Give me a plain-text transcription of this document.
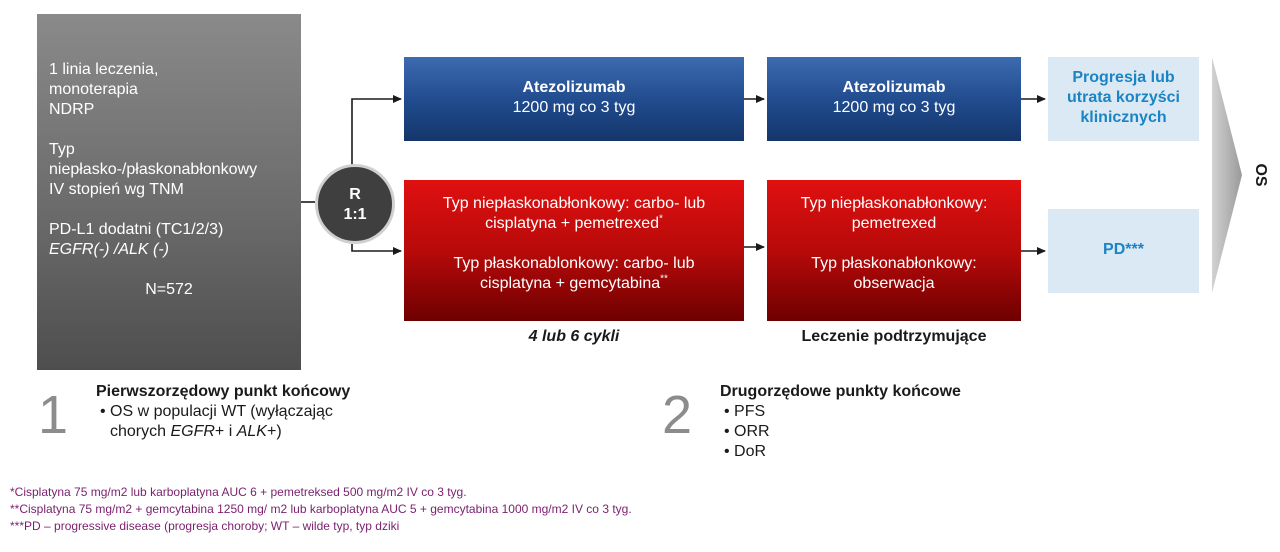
1 linia leczenia,
monoterapia
NDRP

Typ
niepłasko-/płaskonabłonkowy
IV stopień wg TNM

PD-L1 dodatni (TC1/2/3)
EGFR(-) /ALK (-)

N=572

R
1:1
Atezolizumab
1200 mg co 3 tyg
Atezolizumab
1200 mg co 3 tyg
Progresja lub
utrata korzyści
klinicznych
Typ niepłaskonabłonkowy: carbo- lub
cisplatyna + pemetrexed*
Typ płaskonablonkowy: carbo- lub
cisplatyna + gemcytabina**
Typ niepłaskonabłonkowy:
pemetrexed
Typ płaskonabłonkowy:
obserwacja
PD***
4 lub 6 cykli	Leczenie podtrzymujące
OS
1 Pierwszorzędowy punkt końcowy
• OS w populacji WT (wyłączając
chorych EGFR+ i ALK+)	2 Drugorzędowe punkty końcowe
• PFS
• ORR
• DoR
*Cisplatyna 75 mg/m2 lub karboplatyna AUC 6 + pemetreksed 500 mg/m2 IV co 3 tyg.
**Cisplatyna 75 mg/m2 + gemcytabina 1250 mg/ m2 lub karboplatyna AUC 5 + gemcytabina 1000 mg/m2 IV co 3 tyg.
***PD – progressive disease (progresja choroby; WT – wilde typ, typ dziki
